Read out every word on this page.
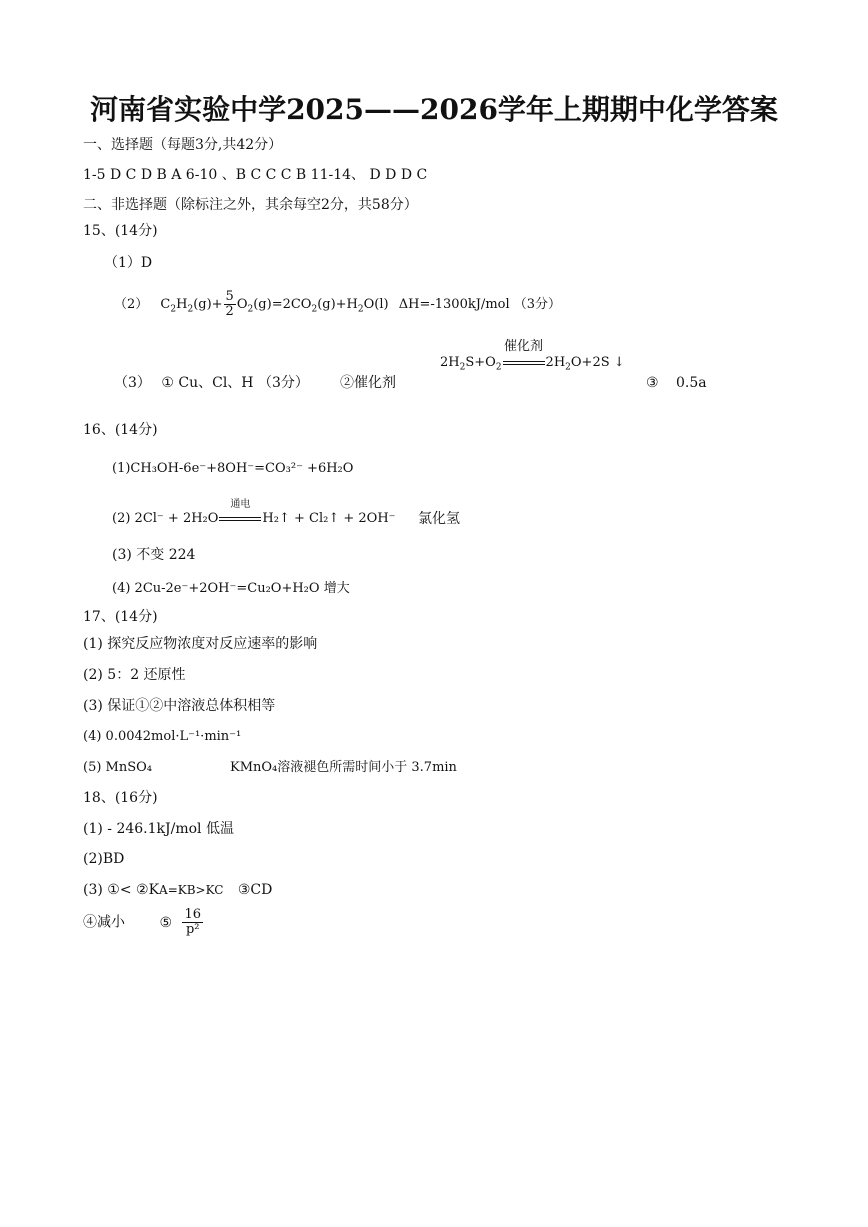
河南省实验中学2025——2026学年上期期中化学答案
一、选择题（每题3分,共42分）
1-5 D C D B A 6-10 、B C C C B 11-14、 D D D C
二、非选择题（除标注之外，其余每空2分，共58分）
15、(14分)
（1）D
（2） $C_2H_2(g)+ \frac{5}{2} O_2(g)=2CO_2(g)+H_2O(l)$ ΔH=-1300kJ/mol （3分）
$2H_2S+O_2$
催化剂
$2H_2O+2S$ ↓
（3） ① Cu、Cl、H （3分） ②催化剂	③ 0.5a
16、(14分)
(1)CH₃OH-6e⁻+8OH⁻=CO₃²⁻ +6H₂O
(2) 2Cl⁻ + 2H₂O
通电
H₂↑ + Cl₂↑ + 2OH⁻ 氯化氢
(3) 不变 224
(4) 2Cu-2e⁻+2OH⁻=Cu₂O+H₂O 增大
17、(14分)
(1) 探究反应物浓度对反应速率的影响
(2) 5：2 还原性
(3) 保证①②中溶液总体积相等
(4) 0.0042mol·L⁻¹·min⁻¹
(5) MnSO₄	KMnO₄溶液褪色所需时间小于 3.7min
18、(16分)
(1) - 246.1kJ/mol 低温
(2)BD
(3) ①< ②KA=KB>KC ③CD
④减小 ⑤ $\frac{16}{\text{p²}}$
